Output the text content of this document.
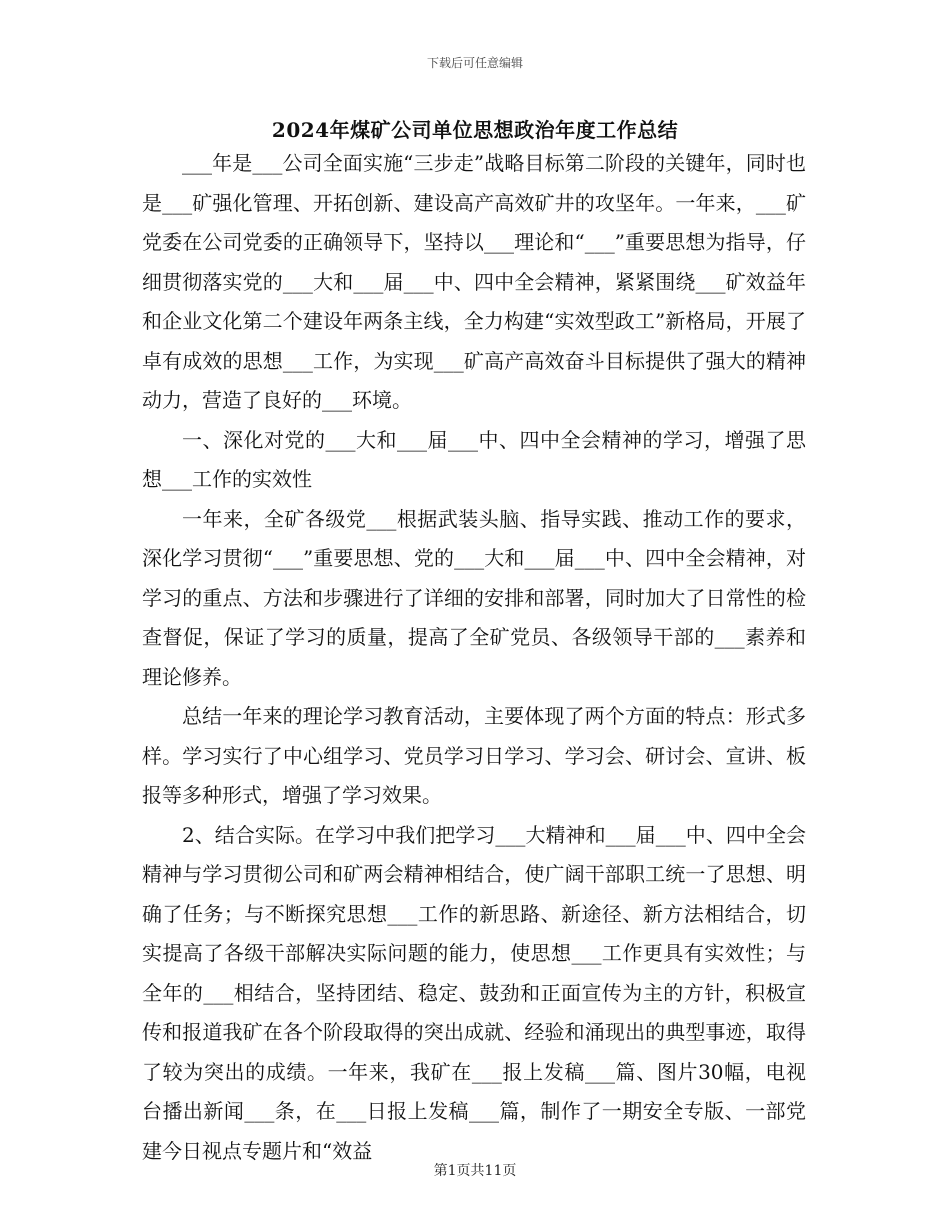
下载后可任意编辑
2024年煤矿公司单位思想政治年度工作总结

___年是___公司全面实施“三步走”战略目标第二阶段的关键年，同时也是___矿强化管理、开拓创新、建设高产高效矿井的攻坚年。一年来，___矿党委在公司党委的正确领导下，坚持以___理论和“___”重要思想为指导，仔细贯彻落实党的___大和___届___中、四中全会精神，紧紧围绕___矿效益年和企业文化第二个建设年两条主线，全力构建“实效型政工”新格局，开展了卓有成效的思想___工作，为实现___矿高产高效奋斗目标提供了强大的精神动力，营造了良好的___环境。

一、深化对党的___大和___届___中、四中全会精神的学习，增强了思想___工作的实效性

一年来，全矿各级党___根据武装头脑、指导实践、推动工作的要求，深化学习贯彻“___”重要思想、党的___大和___届___中、四中全会精神，对学习的重点、方法和步骤进行了详细的安排和部署，同时加大了日常性的检查督促，保证了学习的质量，提高了全矿党员、各级领导干部的___素养和理论修养。

总结一年来的理论学习教育活动，主要体现了两个方面的特点：形式多样。学习实行了中心组学习、党员学习日学习、学习会、研讨会、宣讲、板报等多种形式，增强了学习效果。

2、结合实际。在学习中我们把学习___大精神和___届___中、四中全会精神与学习贯彻公司和矿两会精神相结合，使广阔干部职工统一了思想、明确了任务；与不断探究思想___工作的新思路、新途径、新方法相结合，切实提高了各级干部解决实际问题的能力，使思想___工作更具有实效性；与全年的___相结合，坚持团结、稳定、鼓劲和正面宣传为主的方针，积极宣传和报道我矿在各个阶段取得的突出成就、经验和涌现出的典型事迹，取得了较为突出的成绩。一年来，我矿在___报上发稿___篇、图片30幅，电视台播出新闻___条，在___日报上发稿___篇，制作了一期安全专版、一部党建今日视点专题片和“效益

第1页共11页
